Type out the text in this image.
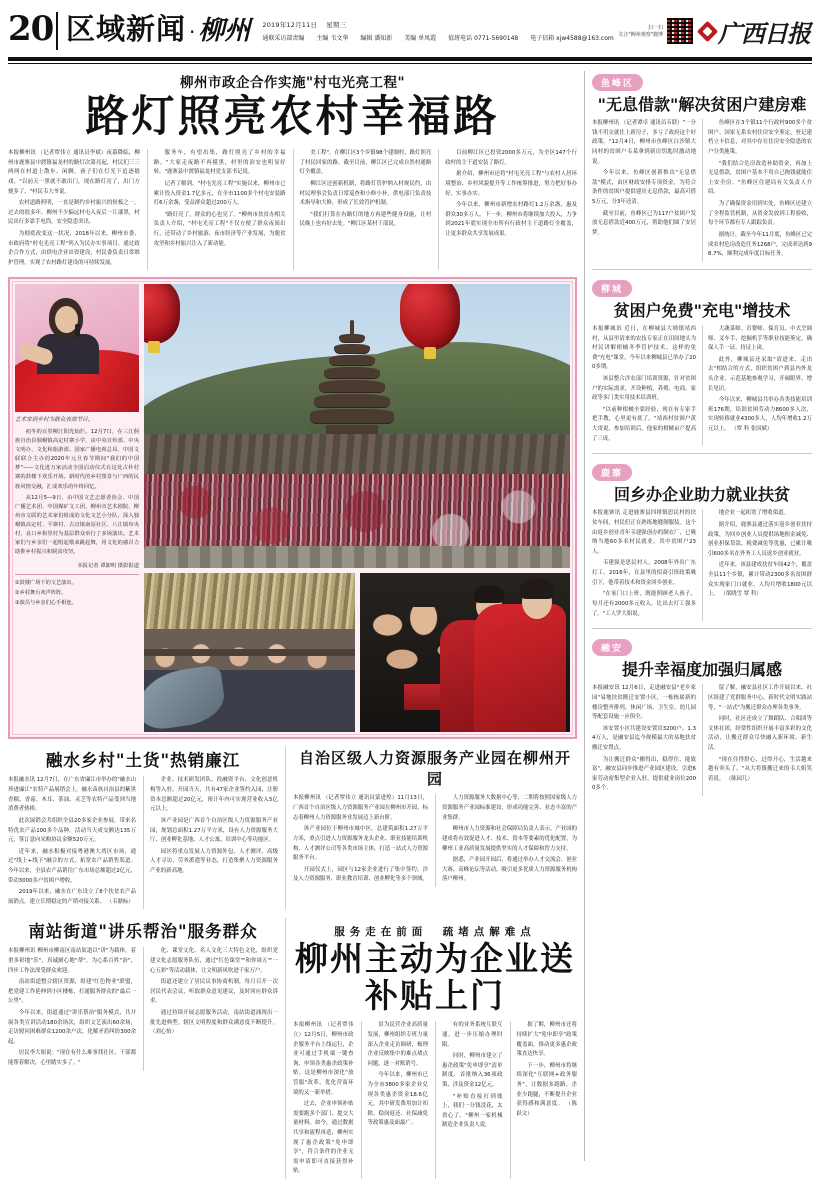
20 区域新闻 · 柳州 2019年12月11日 星期三
通联采访部责编 主编 韦文华 编辑 潘知新 美编 单凤霞 值班电话 0771-5690148 电子信箱 xjw4588@163.com
扫一扫
关注"柳州观察"微博 广西日报
柳州市政企合作实施"村屯光亮工程"
路灯照亮农村幸福路

本报柳州讯 （记者覃伟立 通讯员李斌）夜幕降临，柳州市鹿寨县中渡镇福龙村的路灯次第亮起，村民们三三两两在村道上散步、闲聊，孩子们在灯光下追逐嬉戏。"以前天一黑就不敢出门，现在路灯亮了，出门方便多了。"村民韦大爷说。

农村道路照明，一直是制约乡村振兴的短板之一。过去的很多年，柳州不少偏远村屯入夜后一片漆黑，村民出行多靠手电筒，安全隐患突出。

为彻底改变这一状况，2018年以来，柳州市委、市政府将"村屯光亮工程"列入为民办实事项目，通过政企合作方式，由供电企业出资建设，村民委负责日常维护管理，实现了农村路灯建设的可持续发展。

服务车，有望出集，路灯照亮了乡村的幸福路。"大家走夜路不再摸黑，村里的治安也明显好转。"鹿寨县中渡镇福龙村党支部书记说。

记者了解到，"村屯光亮工程"实施以来，柳州市已累计投入资金1.7亿多元，在全市1100多个村屯安装路灯6万余盏，受益群众超过200万人。

"路灯亮了，群众的心也亮了。"柳州市扶贫办相关负责人介绍，"村屯光亮工程"不仅方便了群众夜间出行，还带动了乡村旅游、夜市经济等产业发展，为脱贫攻坚和乡村振兴注入了新动能。

美工程"。在柳江区3个乡镇98个建制村，路灯照亮了村民回家的路。截至目前，柳江区已完成自然村通路灯全覆盖。

柳江区还创新机制，将路灯管护纳入村规民约，由村民理事会负责日常巡查和小修小补，供电部门负责技术指导和大修，形成了长效管护机制。

"我们打算在有路灯的地方再建些健身设施，让村民晚上也有好去处。"柳江区某村干部说。

目前柳江区已投资2000多万元，为全区147个行政村的主干道安装了路灯。

据介绍，柳州市还将"村屯光亮工程"与农村人居环境整治、乡村风貌提升等工作统筹推进，努力把好事办好、实事办实。

今年以来，柳州市新增农村路灯1.2万余盏，惠及群众30多万人。下一步，柳州市将继续加大投入，力争到2021年底实现全市所有行政村主干道路灯全覆盖，让更多群众共享发展成果。

艺术家到乡村为群众表演节目。

初冬的百里柳江阳光灿烂。12月7日，在三江侗族自治县独峒镇高定村寨小学，由中央宣传部、中央文明办、文化和旅游部、国家广播电视总局、中国文联联合主办的2020年元旦春节期间"我们的中国梦"——文化进万家活动全国启动仪式在这处古朴村寨的鼓楼下欢乐开场。新时代的乡村图景与广西的民族风情交融，汇成欢乐的年终回忆。

从12月5—9日，由中国文艺志愿者协会、中国广播艺术团、中国煤矿文工团、柳州市艺术剧院、柳州市文联的艺术家们组成的文化文艺小分队，深入独峒镇高定村、平寨村、古宜镇南站社区、八江镇布央村、良口乡和里村为基层群众举行了多场演出。艺术家们与乡亲们一起唱起歌来跳起舞，用文化的感召力助推乡村振兴和脱贫攻坚。

本报记者 谭卸明 摄影报道
①鼓楼广场下的文艺演出。
②乡村舞台欢声阵阵。
③演员与乡亲们心手相连。
融水乡村"土货"热销廉江

本报融水讯 12月7日，在广东省廉江市举办的"融水山珍进廉江"农特产品展销会上，融水苗族自治县的紫黑香糯、香菇、木耳、茶油、灵芝等农特产品受到当地消费者热捧。

此次展销会共组织全县20多家企业参展，带来名特优农产品100多个品种。活动当天成交额达135万元，签订意向采购协议金额520万元。

近年来，融水积极对接粤港澳大湾区市场，通过"线上+线下"融合的方式，拓宽农产品销售渠道。今年以来，全县农产品销往广东市场总额超过2亿元，带动3000多户贫困户增收。

2019年以来，融水在广东设立了8个扶贫农产品展销点，建立长期稳定的产销对接关系。 （韦鼎标）

企业、技术研发团队、投融资平台、文化创意机构等入驻。开园当天，共有47家企业签约入园，注册资本总额超过20亿元，预计年内可实现营业收入5亿元以上。

该产业园是广西首个自治区级人力资源服务产业园，规划总面积1.27万平方米，设有人力资源服务大厅、创业孵化基地、人才公寓、培训中心等功能区。

园区将重点发展人力资源外包、人才测评、高级人才寻访、劳务派遣等业态，打造集聚人力资源服务产业的新高地。

自治区级人力资源服务产业园在柳州开园

本报柳州讯 （记者覃伟立 通讯员蒙进煌）11月13日，广西首个自治区级人力资源服务产业园在柳州市开园，标志着柳州人力资源服务业发展迈上新台阶。

该产业园位于柳州市城中区，总建筑面积1.27万平方米，重点引进人力资源服务龙头企业、职业技能培训机构、人才测评公司等各类市场主体，打造一站式人力资源服务平台。

开园仪式上，园区与12家企业进行了集中签约，涉及人力资源服务、职业教育培训、创业孵化等多个领域。

人力资源服务大数据中心等，二期将按照国家级人力资源服务产业园标准建设，形成功能完善、业态丰富的产业集群。

柳州市人力资源和社会保障局负责人表示，产业园的建成将有效促进人才、技术、资本等要素的优化配置，为柳州工业高质量发展提供坚实的人才保障和智力支持。

据悉，产业园开园后，将通过举办人才交流会、创业大赛、高峰论坛等活动，吸引更多优质人力资源服务机构落户柳州。

南站街道"讲乐帮治"服务群众

本报柳州讯 柳州市柳南区南站街道以"讲"为载体，着重多彩地"乐"，真诚耐心地"帮"，为心系百姓"治"，四步工作法深受群众欢迎。

南站街道整合辖区资源，组建"红色物业"联盟，把党建工作延伸到小区楼栋，打通服务群众的"最后一公里"。

今年以来，街道通过"讲乐帮治"服务模式，共开展各类宣讲活动180余场次，组织文艺演出60余场，走访慰问困难群众1200余户次，化解矛盾纠纷300余起。

居民李大姐说："现在有什么难事找社区，干部都能帮着解决，心里踏实多了。"

化、课堂文化、名人文化三大特色文化，组织党建文化志愿服务队伍，通过"红色课堂""和你周五""一心五彩"等活动载体，让文明新风吹进千家万户。

街道还建立了居民议事协商机制，每月召开一次居民代表会议，听取群众意见建议，及时回应群众诉求。

通过持续开展志愿服务活动，南站街道涌现出一批先进典型，辖区文明程度和群众满意度不断提升。 （刘心怡）

服务走在前面　疏堵点解难点
柳州主动为企业送补贴上门

本报柳州讯 （记者覃伟立）12月5日，柳州市政企服务平台上线运行，企业可通过手机端一键查询、申领各类惠企政策补贴。这是柳州市深化"放管服"改革、优化营商环境的又一新举措。

过去，企业申领补贴需要跑多个部门、提交大量材料。如今，通过数据共享和流程再造，柳州实现了惠企政策"免申即享"，符合条件的企业无需申请即可直接获得补贴。

景为民营企业高质量发展，柳州组织专班力量深入企业走访调研，梳理企业反映集中的难点堵点问题，逐一对账销号。

今年以来，柳州市已为全市3800多家企业兑现各类惠企资金18.6亿元，其中研发费用加计扣除、稳岗返还、社保减免等政策惠及面最广。

有的业务系统互联互通，进一步压缩办理时限。

同时，柳州市建立了惠企政策"免申即享"清单制度，首批纳入36项政策，涉及资金12亿元。

"补贴直接打到账上，我们一分钱没花，太省心了。"柳州一家机械制造企业负责人说。

据了解，柳州市还将持续扩大"免申即享"政策覆盖面，推动更多惠企政策直达快享。

下一步，柳州市将继续深化"互联网+政务服务"，让数据多跑路、企业少跑腿，不断提升企业获得感和满意度。 （陈跃文）

鱼峰区
"无息借款"解决贫困户建房难

本报柳州讯 （记者谭卓 通讯员韦联）"一分钱不用交就住上新房子，多亏了政府这个好政策。"12月4日，柳州市鱼峰区白沙镇大同村的贫困户韦某拿到新房钥匙时激动地说。

今年以来，鱼峰区创新推出"无息借款"模式，由区财政安排专项资金，为符合条件的贫困户提供建房无息借款，最高可借5万元，分3年还清。

截至目前，鱼峰区已为117户贫困户发放无息借款近400万元，帮助他们圆了安居梦。

鱼峰区在3个镇11个行政村900多个贫困户、国家无系农村住房安全鉴定，登记建档立卡信息，对其中存在住房安全隐患的农户分类施策。

"我们结合危房改造补助资金，再加上无息借款，贫困户基本不用自己掏钱就能住上安全房。"鱼峰区住建局有关负责人介绍。

为了确保资金用到实处，鱼峰区还建立了全程监管机制，从资金发放到工程验收，每个环节都有专人跟踪负责。

据统计，截至今年11月底，鱼峰区已完成农村危房改造任务1268户，完成率达到98.7%，顺利完成年度目标任务。

柳城
贫困户免费"充电"增技术

本报柳城讯 近日，在柳城县大埔镇靖西村，从县里请来的农技专家正在田间地头为村民讲解柑橘冬季管护技术。这样的免费"充电"课堂，今年以来柳城县已举办了200多期。

该县整合涉农部门培训资源，针对贫困户的实际需求，开设种植、养殖、电商、家政等多门类实用技术培训班。

"以前种柑橘全靠经验，现在有专家手把手教，心里更有底了。"靖西村贫困户黄大哥说，参加培训后，他家的柑橘亩产提高了三成。

大蔬菜师、育婴师、保育员、中式烹调师、叉车手、挖掘机手等职业技能鉴定，确保人手一证、持证上岗。

此外，柳城县还采取"请进来、走出去"相结合的方式，组织贫困户到县内外龙头企业、示范基地参观学习，开阔眼界、增长见识。

今年以来，柳城县共举办各类技能培训班176期，培训贫困劳动力8600多人次，实现转移就业4300多人，人均年增收1.2万元以上。 （覃 科 张国斌）

鹿寨
回乡办企业助力就业扶贫

本报鹿寨讯 走进鹿寨县四排镇思民村的扶贫车间，村民们正在熟练地缝制服装。这个由返乡创业青年韦建强创办的制衣厂，已吸纳当地60多名村民就业，其中贫困户23人。

韦建强是思民村人，2008年外出广东打工，2016年，在县里的招商引资政策吸引下，他带着技术和资金回乡创业。

"在家门口上班，既能照顾老人孩子，每月还有2000多元收入，比出去打工强多了。"工人罗大姐说。

地企业一起拓宽了增收渠道。

据介绍，鹿寨县通过落实返乡创业扶持政策，为回乡创业人员提供场地租金减免、创业担保贷款、税费减免等优惠，已累计吸引600多名在外务工人员返乡创业就业。

近年来，该县建成扶贫车间42个，覆盖全县11个乡镇，累计带动2300多名贫困群众实现家门口就业，人均月增收1800元以上。 （梁晓雪 覃 科）

融安
提升幸福度加强归属感

本报融安讯 12月6日，走进融安县"老乡家园"易地扶贫搬迁安置小区，一栋栋崭新的楼房整齐排列，休闲广场、卫生室、幼儿园等配套设施一应俱全。

该安置小区共建设安置房3200户、1.34万人，是融安县迄今规模最大的易地扶贫搬迁安置点。

为让搬迁群众"搬得出、稳得住、能致富"，融安县同步推进产业园区建设，引进6家劳动密集型企业入驻，提供就业岗位2000多个。

留了解，融安县社区工作开展以来，社区组建了党群服务中心、新时代文明实践站等，"一站式"为搬迁群众办理各类事务。

同时，社区还成立了舞蹈队、合唱团等文体社团，经常性组织开展丰富多彩的文化活动，让搬迁群众尽快融入新环境、新生活。

"现在住得舒心、过得开心，生活越来越有奔头了。"从大将镇搬迁来的韦大姐笑着说。 （陈园儿）
